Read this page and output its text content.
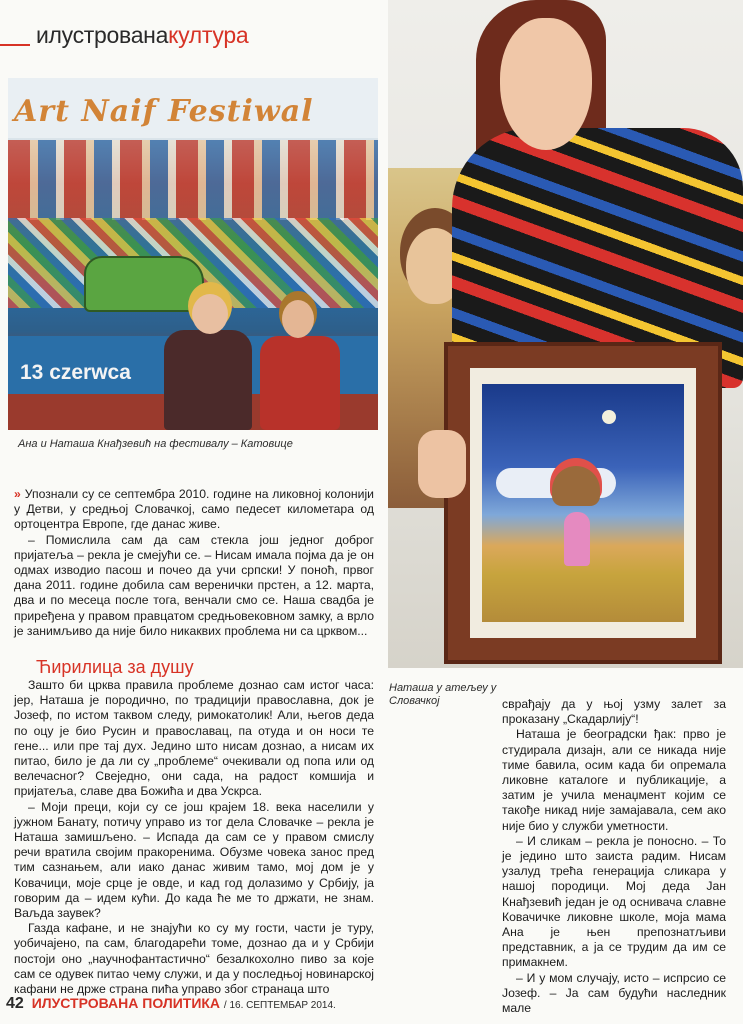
илустрованакултура
Art Naif Festiwal
13 czerwca
Ана и Наташа Кнађзевић на фестивалу – Катовице
Наташа у атељеу у Словачкој

» Упознали су се септембра 2010. године на ликовној колонији у Детви, у средњој Словачкој, само педесет километара од ортоцентра Европе, где данас живе.

– Помислила сам да сам стекла још једног доброг пријатеља – рекла је смејући се. – Нисам имала појма да је он одмах изводио пасош и почео да учи српски! У поноћ, првог дана 2011. године добила сам веренички прстен, а 12. марта, два и по месеца после тога, венчали смо се. Наша свадба је приређена у правом правцатом средњовековном замку, а врло је занимљиво да није било никаквих проблема ни са црквом...

Ћирилица за душу

Зашто би црква правила проблеме дознао сам истог часа: јер, Наташа је породично, по традицији православна, док је Јозеф, по истом таквом следу, римокатолик! Али, његов деда по оцу је био Русин и православац, па отуда и он носи те гене... или пре тај дух. Једино што нисам дознао, а нисам их питао, било је да ли су „проблеме“ очекивали од попа или од велечасног? Свеједно, они сада, на радост комшија и пријатеља, славе два Божића и два Ускрса.

– Моји преци, који су се још крајем 18. века населили у јужном Банату, потичу управо из тог дела Словачке – рекла је Наташа замишљено. – Испада да сам се у правом смислу речи вратила својим пракоренима. Обузме човека занос пред тим сазнањем, али иако данас живим тамо, мој дом је у Ковачици, моје срце је овде, и кад год долазимо у Србију, ја говорим да – идем кући. До када ће ме то држати, не знам. Ваљда заувек?

Газда кафане, и не знајући ко су му гости, части је туру, уобичајено, па сам, благодарећи томе, дознао да и у Србији постоји оно „научнофантастично“ безалкохолно пиво за које сам се одувек питао чему служи, и да у последњој новинарској кафани не држе страна пића управо због странаца што

сврађају да у њој узму залет за проказану „Скадарлију“!

Наташа је београдски ђак: прво је студирала дизајн, али се никада није тиме бавила, осим када би опремала ликовне каталоге и публикације, а затим је учила менаџмент којим се такође никад није замајавала, сем ако није био у служби уметности.

– И сликам – рекла је поносно. – То је једино што заиста радим. Нисам узалуд трећа генерација сликара у нашој породици. Мој деда Јан Кнађзевић један је од оснивача славне Ковачичке ликовне школе, моја мама Ана је њен препознатљиви представник, а ја се трудим да им се примакнем.

– И у мом случају, исто – испрсио се Јозеф. – Ја сам будући наследник мале

42 ИЛУСТРОВАНА ПОЛИТИКА / 16. СЕПТЕМБАР 2014.
